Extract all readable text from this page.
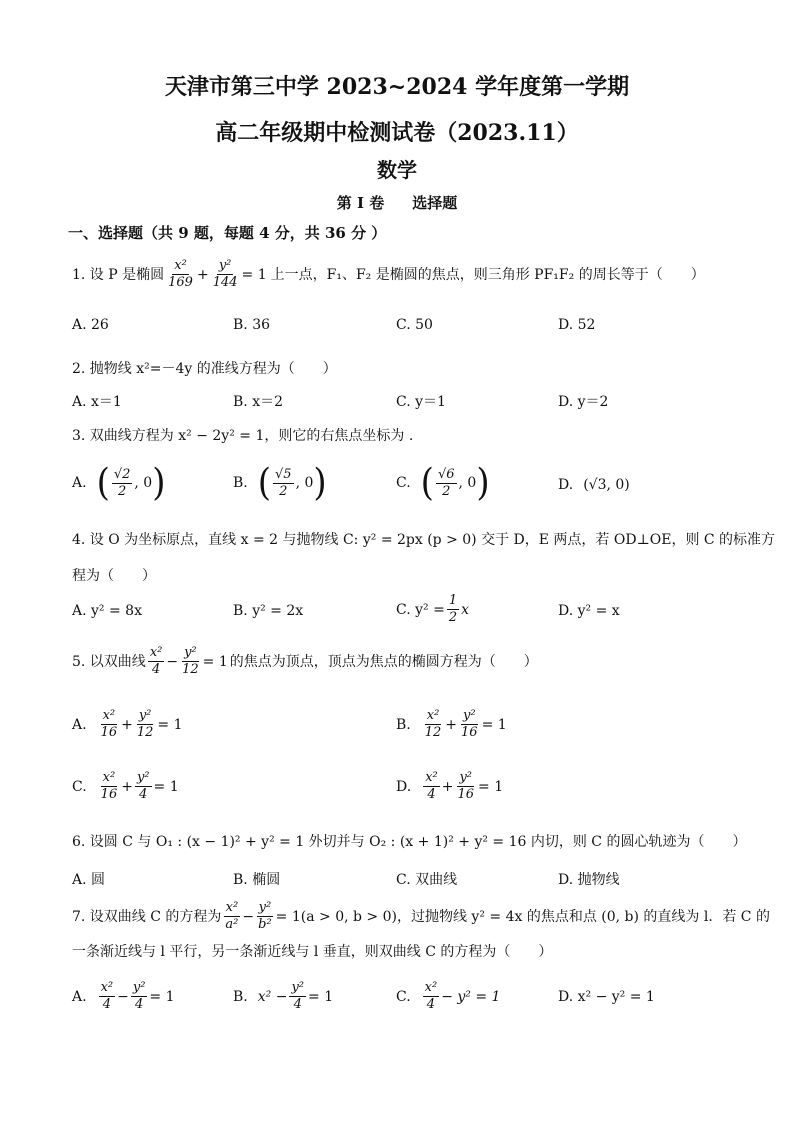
天津市第三中学 2023~2024 学年度第一学期
高二年级期中检测试卷（2023.11）
数学
第 I 卷 选择题
一、选择题（共 9 题，每题 4 分，共 36 分 ）
1. 设 P 是椭圆 $\frac{\text{x²}}{169} + \frac{\text{y²}}{144} = 1$ 上一点，F₁、F₂ 是椭圆的焦点，则三角形 PF₁F₂ 的周长等于（　　）
A. 26	B. 36	C. 50	D. 52
2. 抛物线 x²=－4y 的准线方程为（　　）
A. x＝1	B. x＝2	C. y＝1	D. y＝2
3. 双曲线方程为 x² − 2y² = 1，则它的右焦点坐标为 .
A. ( $\frac{√2}{2}$ , 0 )	B. ( $\frac{√5}{2}$ , 0 )	C. ( $\frac{√6}{2}$ , 0 )	D. (√3, 0)
4. 设 O 为坐标原点，直线 x = 2 与抛物线 C: y² = 2px (p > 0) 交于 D，E 两点，若 OD⊥OE，则 C 的标准方
程为（　　）
A. y² = 8x	B. y² = 2x	C. $y^2 = \frac{1}{2}$ x	D. y² = x
5. 以双曲线 $\frac{\text{x²}}{4} - \frac{\text{y²}}{12} = 1$ 的焦点为顶点，顶点为焦点的椭圆方程为（　　）
A. $\frac{\text{x²}}{16} + \frac{\text{y²}}{12} = 1$	B. $\frac{\text{x²}}{12} + \frac{\text{y²}}{16} = 1$
C. $\frac{\text{x²}}{16} + \frac{\text{y²}}{4} = 1$	D. $\frac{\text{x²}}{4} + \frac{\text{y²}}{16} = 1$
6. 设圆 C 与 O₁ : (x − 1)² + y² = 1 外切并与 O₂ : (x + 1)² + y² = 16 内切，则 C 的圆心轨迹为（　　）
A. 圆	B. 椭圆	C. 双曲线	D. 抛物线
7. 设双曲线 C 的方程为 $\frac{\text{x²}}{\text{a²}} - \frac{\text{y²}}{\text{b²}} = 1(a > 0$, b > 0)，过抛物线 y² = 4x 的焦点和点 (0, b) 的直线为 l．若 C 的
一条渐近线与 l 平行，另一条渐近线与 l 垂直，则双曲线 C 的方程为（　　）
A. $\frac{\text{x²}}{4} - \frac{\text{y²}}{4} = 1$	B. $x^2 - \frac{\text{y²}}{4} = 1$	C. $\frac{\text{x²}}{4} - y^2 = 1$	D. x² − y² = 1
